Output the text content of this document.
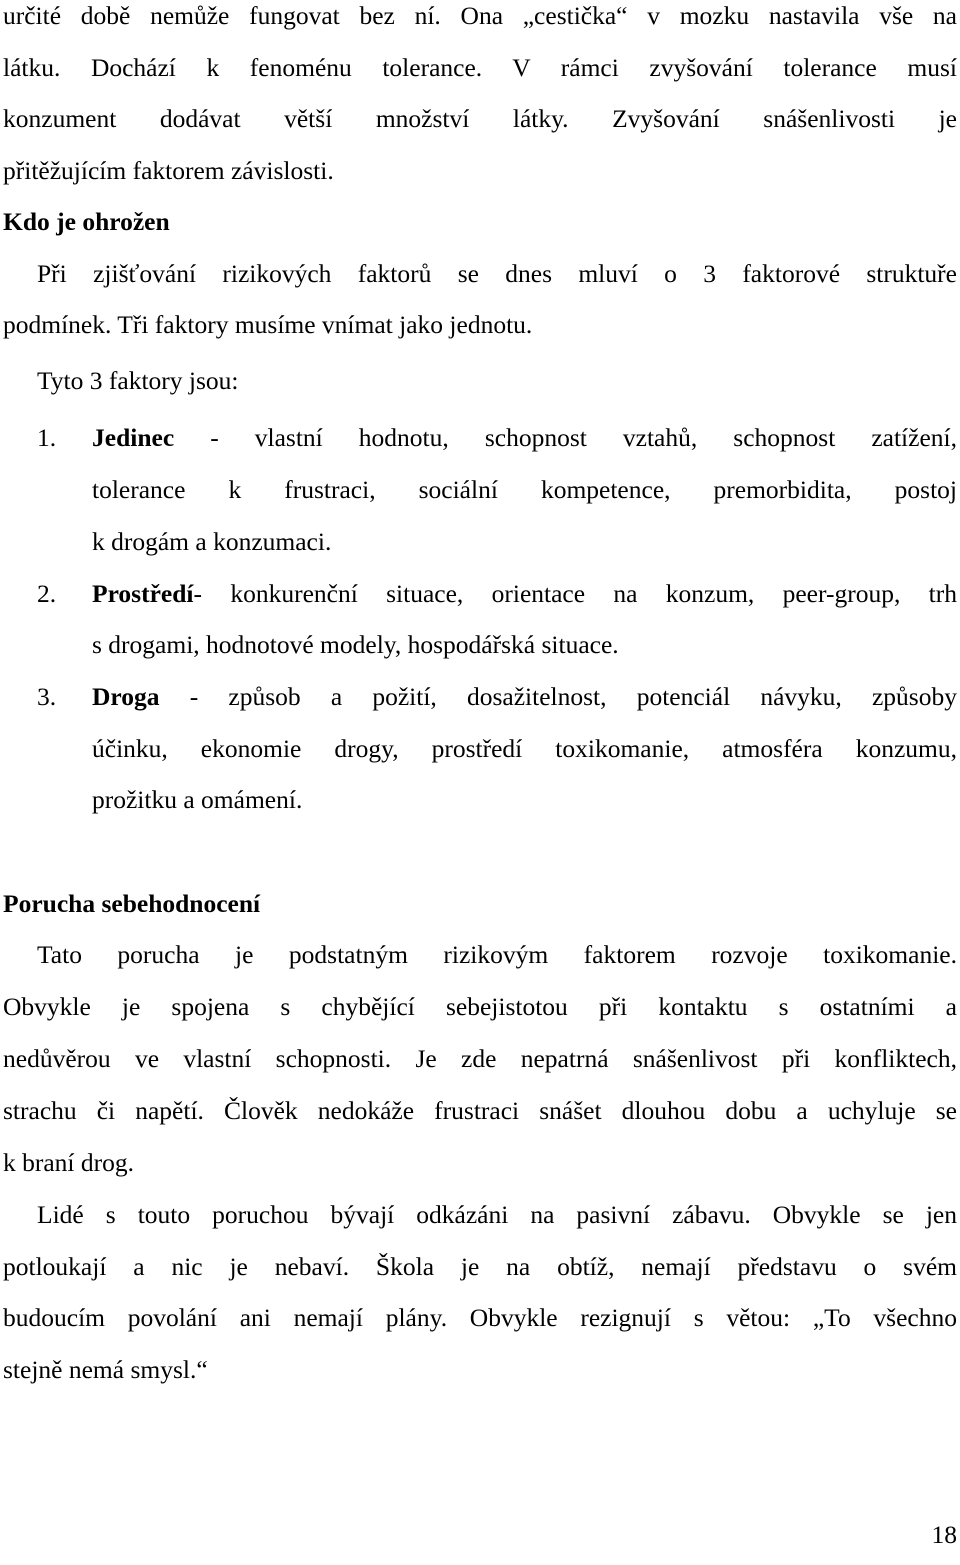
určité době nemůže fungovat bez ní. Ona „cestička“ v mozku nastavila vše na
látku. Dochází k fenoménu tolerance. V rámci zvyšování tolerance musí
konzument dodávat větší množství látky. Zvyšování snášenlivosti je
přitěžujícím faktorem závislosti.
Kdo je ohrožen
Při zjišťování rizikových faktorů se dnes mluví o 3 faktorové struktuře
podmínek. Tři faktory musíme vnímat jako jednotu.
Tyto 3 faktory jsou:
1.	Jedinec - vlastní hodnotu, schopnost vztahů, schopnost zatížení,
tolerance k frustraci, sociální kompetence, premorbidita, postoj
k drogám a konzumaci.
2.	Prostředí- konkurenční situace, orientace na konzum, peer-group, trh
s drogami, hodnotové modely, hospodářská situace.
3.	Droga - způsob a požití, dosažitelnost, potenciál návyku, způsoby
účinku, ekonomie drogy, prostředí toxikomanie, atmosféra konzumu,
prožitku a omámení.
Porucha sebehodnocení
Tato porucha je podstatným rizikovým faktorem rozvoje toxikomanie.
Obvykle je spojena s chybějící sebejistotou při kontaktu s ostatními a
nedůvěrou ve vlastní schopnosti. Je zde nepatrná snášenlivost při konfliktech,
strachu či napětí. Člověk nedokáže frustraci snášet dlouhou dobu a uchyluje se
k braní drog.
Lidé s touto poruchou bývají odkázáni na pasivní zábavu. Obvykle se jen
potloukají a nic je nebaví. Škola je na obtíž, nemají představu o svém
budoucím povolání ani nemají plány. Obvykle rezignují s větou: „To všechno
stejně nemá smysl.“
18
